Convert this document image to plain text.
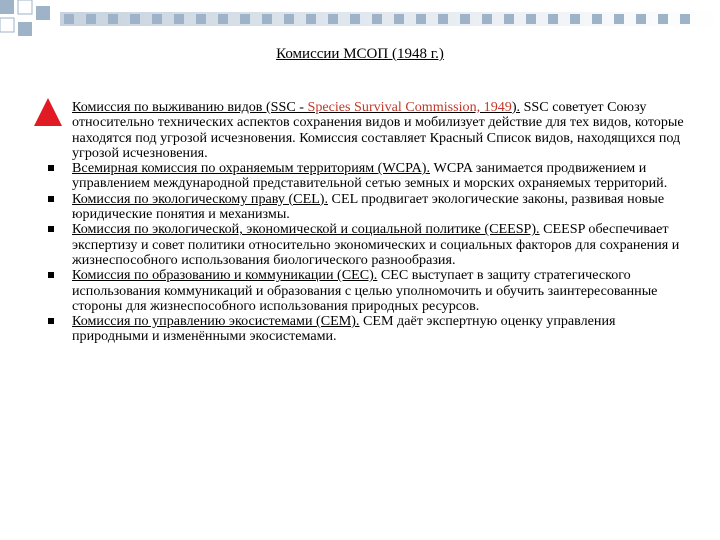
Комиссии МСОП (1948 г.)
Комиссия по выживанию видов (SSC - Species Survival Commission, 1949). SSC советует Союзу относительно технических аспектов сохранения видов и мобилизует действие для тех видов, которые находятся под угрозой исчезновения. Комиссия составляет Красный Список видов, находящихся под угрозой исчезновения.
Всемирная комиссия по охраняемым территориям (WCPA). WCPA занимается продвижением и управлением международной представительной сетью земных и морских охраняемых территорий.
Комиссия по экологическому праву (CEL). CEL продвигает экологические законы, развивая новые юридические понятия и механизмы.
Комиссия по экологической, экономической и социальной политике (CEESP). CEESP обеспечивает экспертизу и совет политики относительно экономических и социальных факторов для сохранения и жизнеспособного использования биологического разнообразия.
Комиссия по образованию и коммуникации (CEC). CEC выступает в защиту стратегического использования коммуникаций и образования с целью уполномочить и обучить заинтересованные стороны для жизнеспособного использования природных ресурсов.
Комиссия по управлению экосистемами (CEM). CEM даёт экспертную оценку управления природными и изменёнными экосистемами.
